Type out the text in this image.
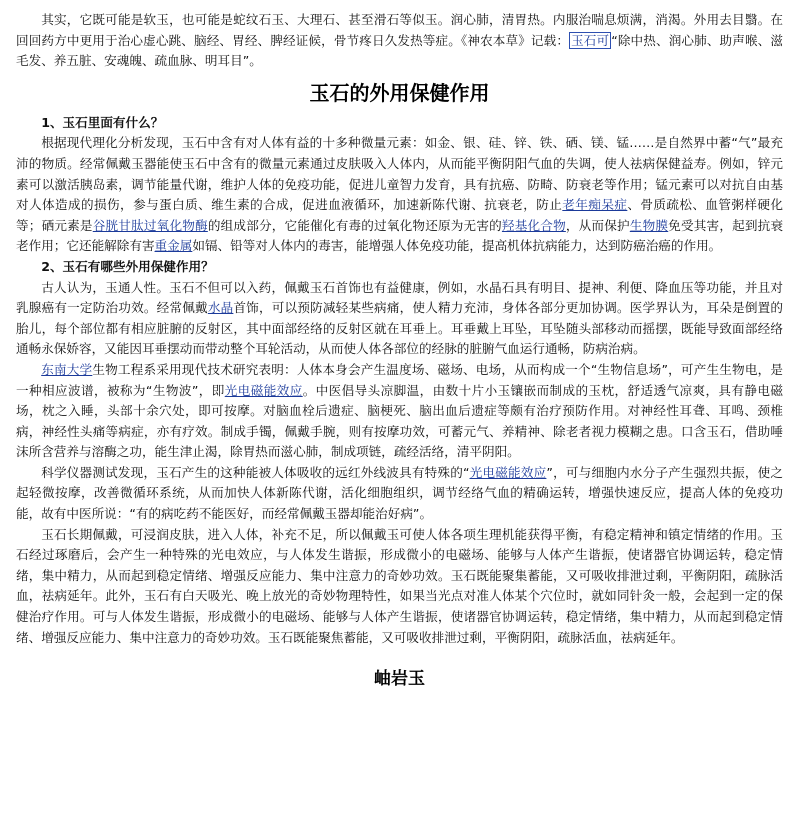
其实，它既可能是软玉，也可能是蛇纹石玉、大理石、甚至滑石等似玉。润心肺，清胃热。内服治喘息烦满，消渴。外用去目翳。在回回药方中更用于治心虚心跳、脑经、胃经、脾经证候，骨节疼日久发热等症。《神农本草》记载： 玉石可 “除中热、润心肺、助声喉、滋毛发、养五脏、安魂魄、疏血脉、明耳目”。

玉石的外用保健作用
1、玉石里面有什么？

根据现代理化分析发现，玉石中含有对人体有益的十多种微量元素：如金、银、硅、锌、铁、硒、镁、锰……是自然界中蓄“气”最充沛的物质。经常佩戴玉器能使玉石中含有的微量元素通过皮肤吸入人体内，从而能平衡阴阳气血的失调，使人祛病保健益寿。例如，锌元素可以激活胰岛素，调节能量代谢，维护人体的免疫功能，促进儿童智力发育，具有抗癌、防畸、防衰老等作用；锰元素可以对抗自由基对人体造成的损伤，参与蛋白质、维生素的合成，促进血液循环，加速新陈代谢、抗衰老，防止老年痴呆症、骨质疏松、血管粥样硬化等；硒元素是谷胱甘肽过氧化物酶的组成部分，它能催化有毒的过氧化物还原为无害的羟基化合物，从而保护生物膜免受其害，起到抗衰老作用；它还能解除有害重金属如镉、铅等对人体内的毒害，能增强人体免疫功能，提高机体抗病能力，达到防癌治癌的作用。

2、玉石有哪些外用保健作用？

古人认为，玉通人性。玉石不但可以入药，佩戴玉石首饰也有益健康，例如，水晶石具有明目、提神、利便、降血压等功能，并且对乳腺癌有一定防治功效。经常佩戴水晶首饰，可以预防减轻某些病痛，使人精力充沛，身体各部分更加协调。医学界认为，耳朵是倒置的胎儿，每个部位都有相应脏腑的反射区，其中面部经络的反射区就在耳垂上。耳垂戴上耳坠，耳坠随头部移动而摇摆，既能导致面部经络通畅永保娇容，又能因耳垂摆动而带动整个耳轮活动，从而使人体各部位的经脉的脏腑气血运行通畅，防病治病。

东南大学生物工程系采用现代技术研究表明：人体本身会产生温度场、磁场、电场，从而构成一个“生物信息场”，可产生生物电，是一种相应波谱，被称为“生物波”，即光电磁能效应。中医倡导头凉脚温，由数十片小玉镶嵌而制成的玉枕，舒适透气凉爽，具有静电磁场，枕之入睡，头部十余穴处，即可按摩。对脑血栓后遗症、脑梗死、脑出血后遗症等颇有治疗预防作用。对神经性耳聋、耳鸣、颈椎病，神经性头痛等病症，亦有疗效。制成手镯，佩戴手腕，则有按摩功效，可蓄元气、养精神、除老者视力模糊之患。口含玉石，借助唾沫所含营养与溶酶之功，能生津止渴，除胃热而滋心肺，制成项链，疏经活络，清平阴阳。

科学仪器测试发现，玉石产生的这种能被人体吸收的远红外线波具有特殊的“光电磁能效应”，可与细胞内水分子产生强烈共振，使之起轻微按摩，改善微循环系统，从而加快人体新陈代谢，活化细胞组织，调节经络气血的精确运转，增强快速反应，提高人体的免疫功能，故有中医所说：“有的病吃药不能医好，而经常佩戴玉器却能治好病”。

玉石长期佩戴，可浸润皮肤，进入人体，补充不足，所以佩戴玉可使人体各项生理机能获得平衡，有稳定精神和镇定情绪的作用。玉石经过琢磨后，会产生一种特殊的光电效应，与人体发生谐振，形成微小的电磁场、能够与人体产生谐振，使诸器官协调运转，稳定情绪，集中精力，从而起到稳定情绪、增强反应能力、集中注意力的奇妙功效。玉石既能聚集蓄能，又可吸收排泄过剩，平衡阴阳，疏脉活血，祛病延年。此外，玉石有白天吸光、晚上放光的奇妙物理特性，如果当光点对准人体某个穴位时，就如同针灸一般，会起到一定的保健治疗作用。可与人体发生谐振，形成微小的电磁场、能够与人体产生谐振，使诸器官协调运转，稳定情绪，集中精力，从而起到稳定情绪、增强反应能力、集中注意力的奇妙功效。玉石既能聚焦蓄能，又可吸收排泄过剩，平衡阴阳，疏脉活血，祛病延年。

岫岩玉
